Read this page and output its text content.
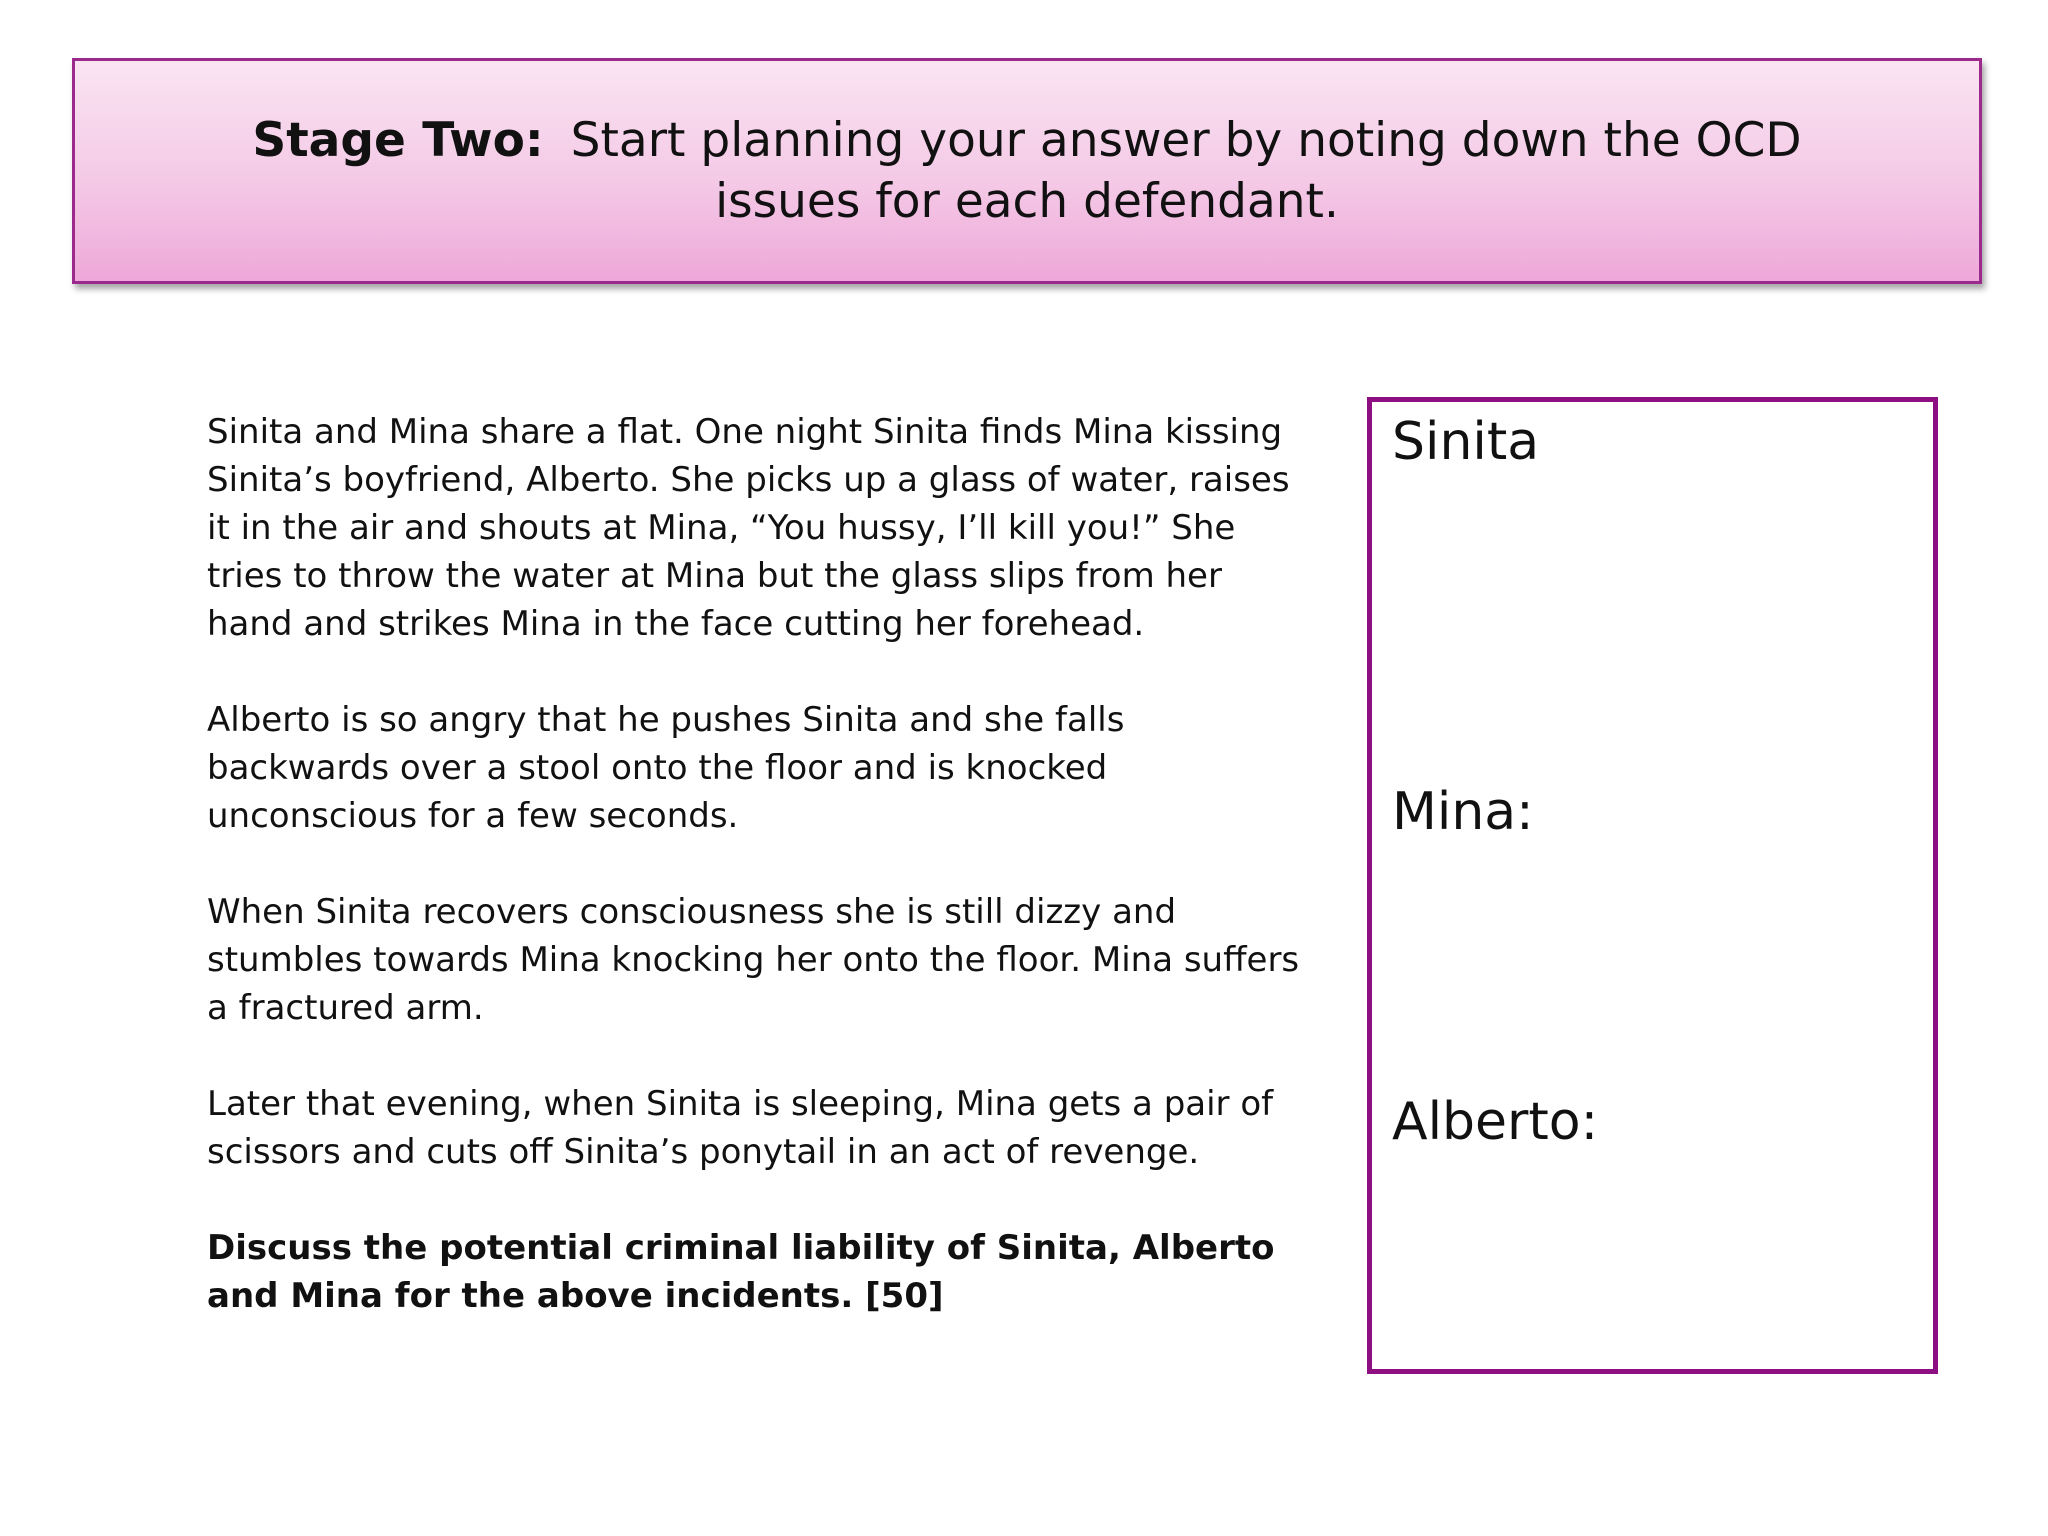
Stage Two: Start planning your answer by noting down the OCD issues for each defendant.

Sinita and Mina share a flat. One night Sinita finds Mina kissing Sinita’s boyfriend, Alberto. She picks up a glass of water, raises it in the air and shouts at Mina, “You hussy, I’ll kill you!” She tries to throw the water at Mina but the glass slips from her hand and strikes Mina in the face cutting her forehead.

Alberto is so angry that he pushes Sinita and she falls backwards over a stool onto the floor and is knocked unconscious for a few seconds.

When Sinita recovers consciousness she is still dizzy and stumbles towards Mina knocking her onto the floor. Mina suffers a fractured arm.

Later that evening, when Sinita is sleeping, Mina gets a pair of scissors and cuts off Sinita’s ponytail in an act of revenge.

Discuss the potential criminal liability of Sinita, Alberto and Mina for the above incidents. [50]

Sinita
Mina:
Alberto:
